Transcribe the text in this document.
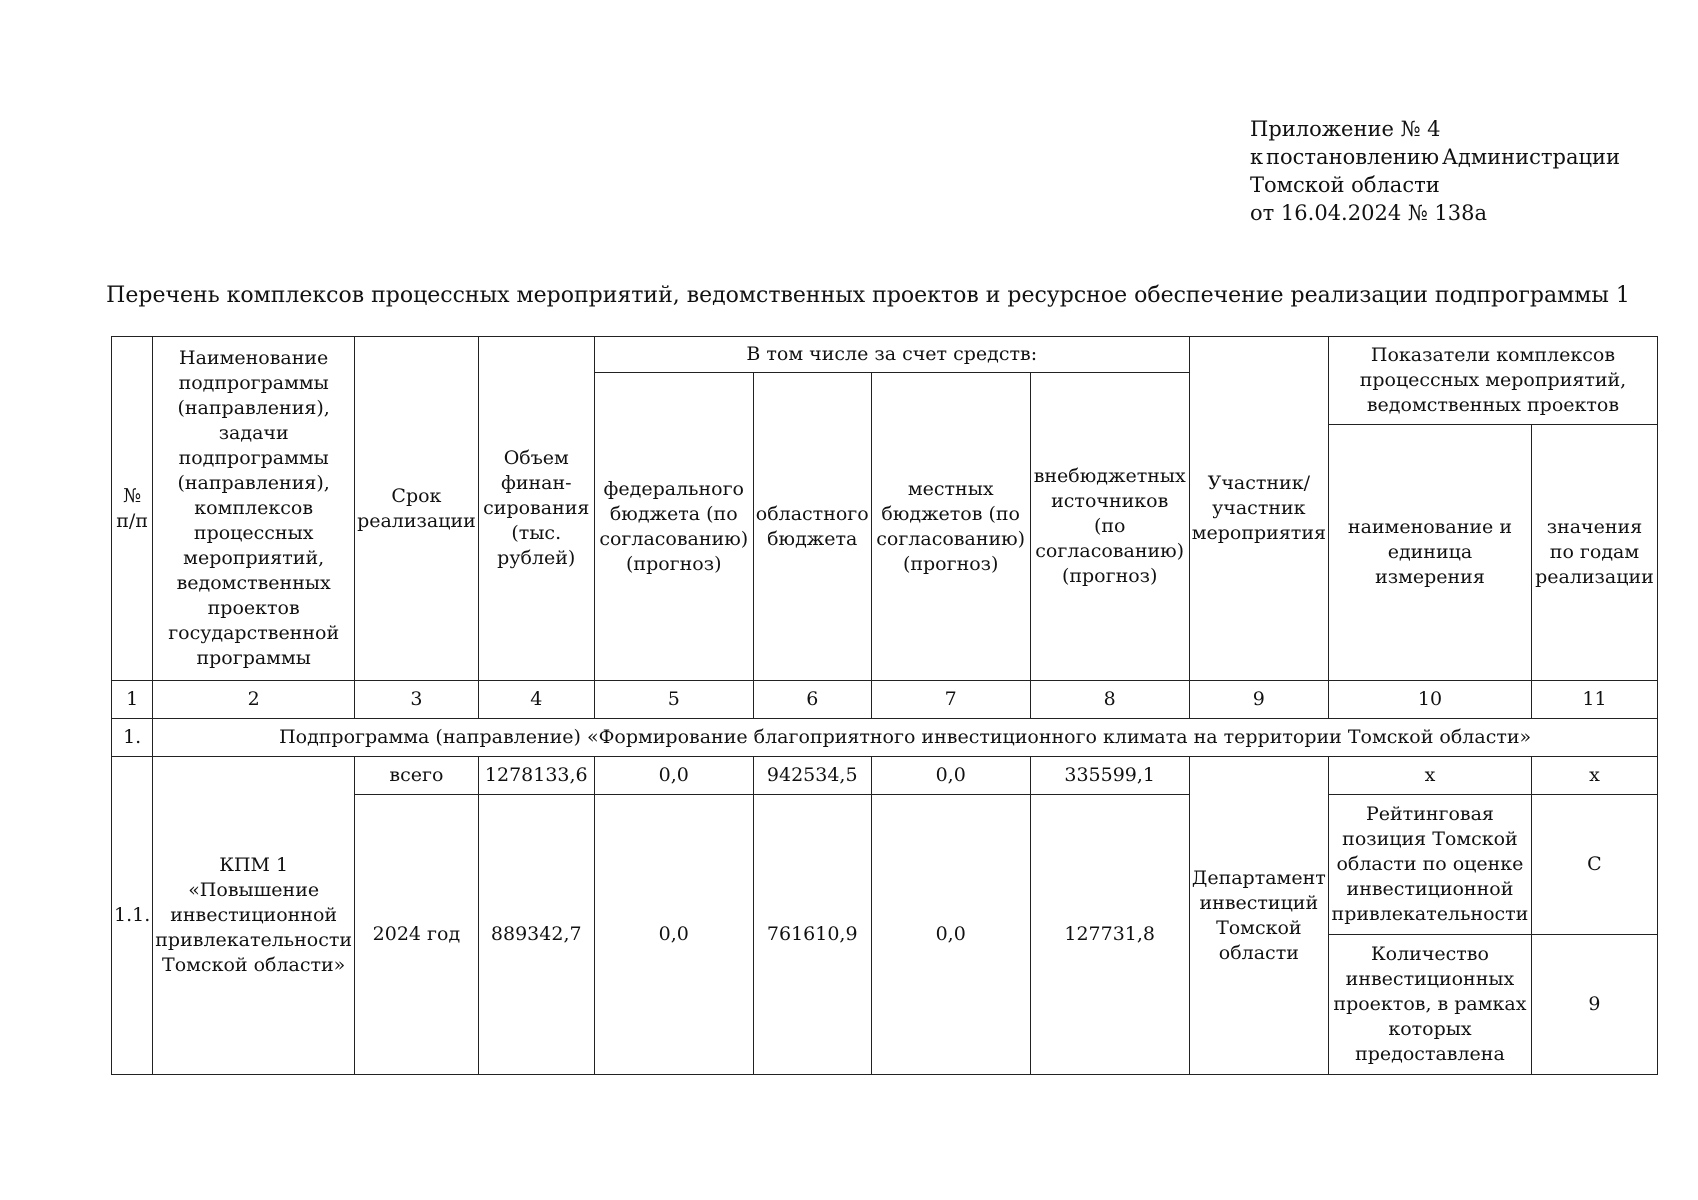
Приложение № 4
к постановлению Администрации
Томской области
от 16.04.2024 № 138а
Перечень комплексов процессных мероприятий, ведомственных проектов и ресурсное обеспечение реализации подпрограммы 1
№ п/п	Наименование подпрограммы (направления), задачи подпрограммы (направления), комплексов процессных мероприятий, ведомственных проектов государственной программы	Срок реализации	Объем финан-сирования (тыс. рублей)	В том числе за счет средств:				Участник/ участник мероприятия	Показатели комплексов процессных мероприятий, ведомственных проектов	
				федерального бюджета (по согласованию) (прогноз)	областного бюджета	местных бюджетов (по согласованию) (прогноз)	внебюджетных источников (по согласованию) (прогноз)			
									наименование и единица измерения	значения по годам реализации
1	2	3	4	5	6	7	8	9	10	11
1.	Подпрограмма (направление) «Формирование благоприятного инвестиционного климата на территории Томской области»									
1.1.	КПМ 1 «Повышение инвестиционной привлекательности Томской области»	всего	1278133,6	0,0	942534,5	0,0	335599,1	Департамент инвестиций Томской области	х	х
		2024 год	889342,7	0,0	761610,9	0,0	127731,8		Рейтинговая позиция Томской области по оценке инвестиционной привлекательности	С
									Количество инвестиционных проектов, в рамках которых предоставлена	9
